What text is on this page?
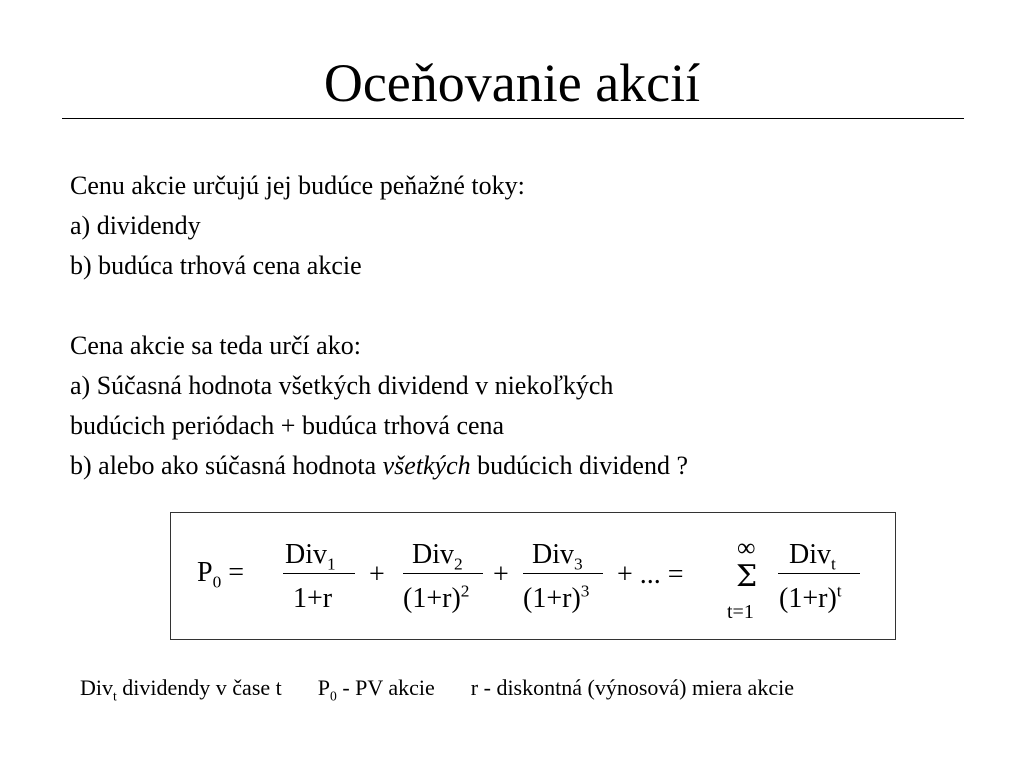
Oceňovanie akcií
Cenu akcie určujú jej budúce peňažné toky:
a) dividendy
b) budúca trhová cena akcie
Cena akcie sa teda určí ako:
a) Súčasná hodnota všetkých dividend v niekoľkých
budúcich periódach + budúca trhová cena
b) alebo ako súčasná hodnota všetkých budúcich dividend ?
$P_0$ =
Div$_1$
1+r
+
Div$_2$
$(1+r)^2$
+
Div$_3$
$(1+r)^3$
+ ... =
∞
Σ
t=1
Div$_t$
$(1+r)^t$
Div$_t$ dividendy v čase t $P_0$ - PV akcie r - diskontná (výnosová) miera akcie
